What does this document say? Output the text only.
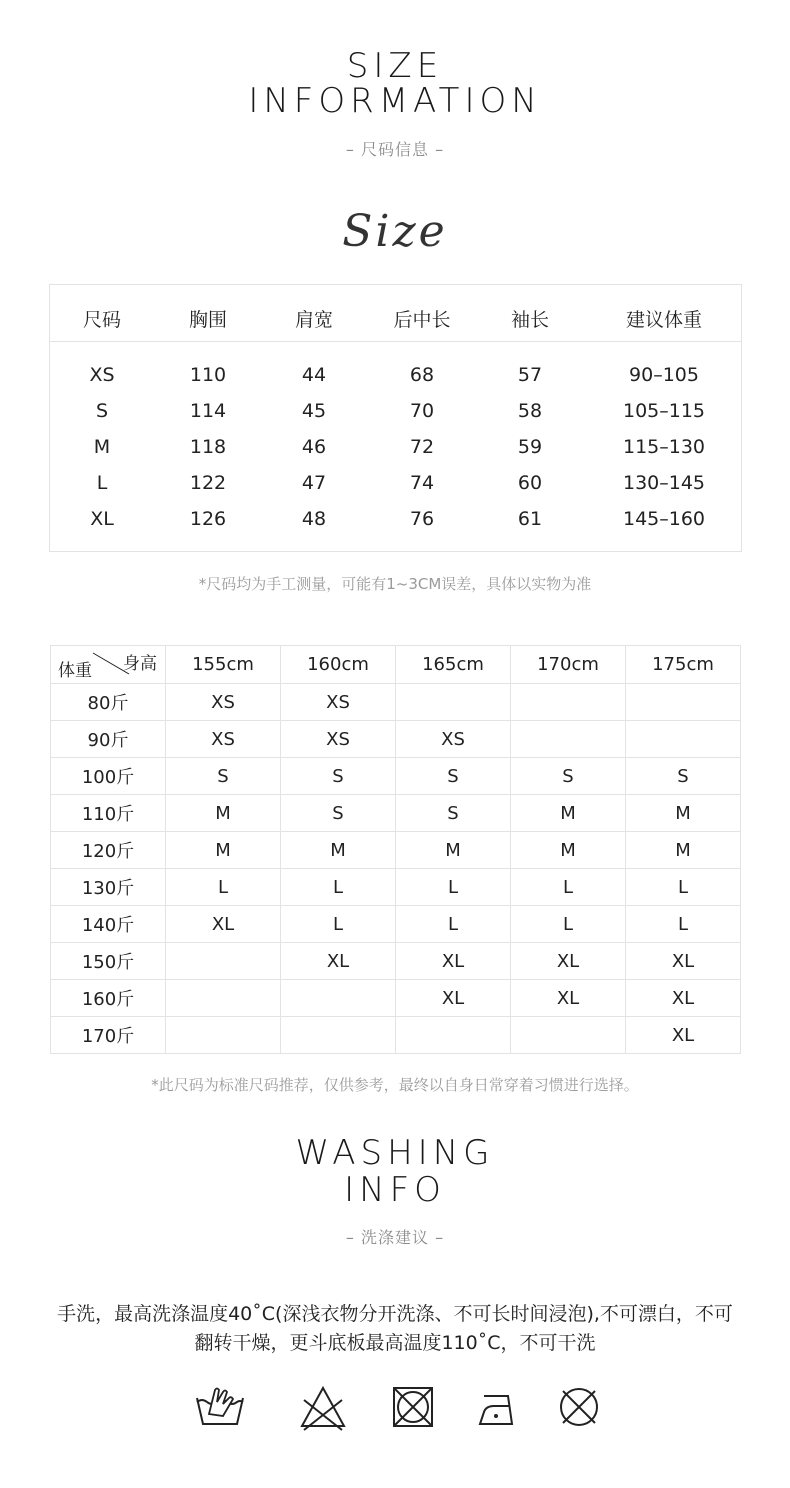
SIZE
INFORMATION
– 尺码信息 –
Size
尺码	胸围	肩宽	后中长	袖长	建议体重
XS	110	44	68	57	90–105
S	114	45	70	58	105–115
M	118	46	72	59	115–130
L	122	47	74	60	130–145
XL	126	48	76	61	145–160
*尺码均为手工测量，可能有1~3CM误差，具体以实物为准
体重 身高	155cm	160cm	165cm	170cm	175cm
80斤	XS	XS			
90斤	XS	XS	XS		
100斤	S	S	S	S	S
110斤	M	S	S	M	M
120斤	M	M	M	M	M
130斤	L	L	L	L	L
140斤	XL	L	L	L	L
150斤		XL	XL	XL	XL
160斤			XL	XL	XL
170斤					XL
*此尺码为标准尺码推荐，仅供参考，最终以自身日常穿着习惯进行选择。
WASHING
INFO
– 洗涤建议 –
手洗，最高洗涤温度40˚C(深浅衣物分开洗涤、不可长时间浸泡),不可漂白，不可
翻转干燥，更斗底板最高温度110˚C，不可干洗
